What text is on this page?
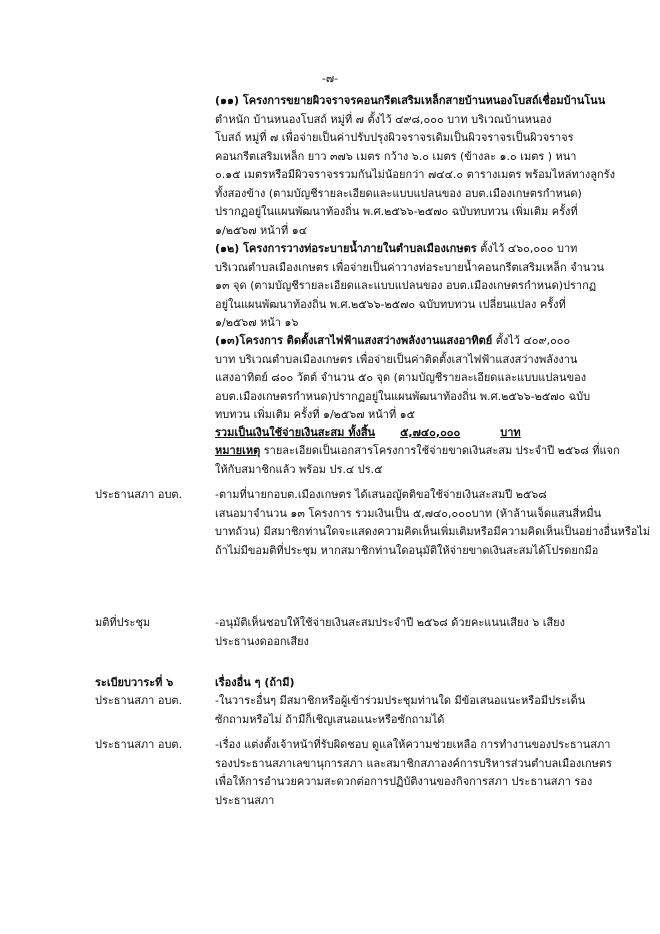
-๗-
(๑๑) โครงการขยายผิวจราจรคอนกรีตเสริมเหล็กสายบ้านหนองโบสถ์เชื่อมบ้านโนน
ตำหนัก บ้านหนองโบสถ์ หมู่ที่ ๗ ตั้งไว้ ๔๙๘,๐๐๐ บาท บริเวณบ้านหนอง
โบสถ์ หมู่ที่ ๗ เพื่อจ่ายเป็นค่าปรับปรุงผิวจราจรเดิมเป็นผิวจราจรเป็นผิวจราจร
คอนกรีตเสริมเหล็ก ยาว ๓๗๖ เมตร กว้าง ๖.๐ เมตร (ข้างละ ๑.๐ เมตร ) หนา
๐.๑๕ เมตรหรือมีผิวจราจรรวมกันไม่น้อยกว่า ๗๔๔.๐ ตารางเมตร พร้อมไหล่ทางลูกรัง
ทั้งสองข้าง (ตามบัญชีรายละเอียดและแบบแปลนของ อบต.เมืองเกษตรกำหนด)
ปรากฏอยู่ในแผนพัฒนาท้องถิ่น พ.ศ.๒๕๖๖-๒๕๗๐ ฉบับทบทวน เพิ่มเติม ครั้งที่
๑/๒๕๖๗ หน้าที่ ๑๔
(๑๒) โครงการวางท่อระบายน้ำภายในตำบลเมืองเกษตร ตั้งไว้ ๔๖๐,๐๐๐ บาท
บริเวณตำบลเมืองเกษตร เพื่อจ่ายเป็นค่าวางท่อระบายน้ำคอนกรีตเสริมเหล็ก จำนวน
๑๓ จุด (ตามบัญชีรายละเอียดและแบบแปลนของ อบต.เมืองเกษตรกำหนด)ปรากฏ
อยู่ในแผนพัฒนาท้องถิ่น พ.ศ.๒๕๖๖-๒๕๗๐ ฉบับทบทวน เปลี่ยนแปลง ครั้งที่
๑/๒๕๖๗ หน้า ๑๖
(๑๓)โครงการ ติดตั้งเสาไฟฟ้าแสงสว่างพลังงานแสงอาทิตย์ ตั้งไว้ ๔๐๙,๐๐๐
บาท บริเวณตำบลเมืองเกษตร เพื่อจ่ายเป็นค่าติดตั้งเสาไฟฟ้าแสงสว่างพลังงาน
แสงอาทิตย์ ๘๐๐ วัตต์ จำนวน ๕๐ จุด (ตามบัญชีรายละเอียดและแบบแปลนของ
อบต.เมืองเกษตรกำหนด)ปรากฏอยู่ในแผนพัฒนาท้องถิ่น พ.ศ.๒๕๖๖-๒๕๗๐ ฉบับ
ทบทวน เพิ่มเติม ครั้งที่ ๑/๒๕๖๗ หน้าที่ ๑๕
รวมเป็นเงินใช้จ่ายเงินสะสม ทั้งสิ้น ๕,๗๔๐,๐๐๐	บาท
หมายเหตุ รายละเอียดเป็นเอกสารโครงการใช้จ่ายขาดเงินสะสม ประจำปี ๒๕๖๘ ที่แจก
ให้กับสมาชิกแล้ว พร้อม ปร.๔ ปร.๕
ประธานสภา อบต.	-ตามที่นายกอบต.เมืองเกษตร ได้เสนอญัตติขอใช้จ่ายเงินสะสมปี ๒๕๖๘
เสนอมาจำนวน ๑๓ โครงการ รวมเงินเป็น ๕,๗๔๐,๐๐๐บาท (ห้าล้านเจ็ดแสนสี่หมื่น
บาทถ้วน) มีสมาชิกท่านใดจะแสดงความคิดเห็นเพิ่มเติมหรือมีความคิดเห็นเป็นอย่างอื่นหรือไม่
ถ้าไม่มีขอมติที่ประชุม หากสมาชิกท่านใดอนุมัติให้จ่ายขาดเงินสะสมได้โปรดยกมือ
มติที่ประชุม	-อนุมัติเห็นชอบให้ใช้จ่ายเงินสะสมประจำปี ๒๕๖๘ ด้วยคะแนนเสียง ๖ เสียง
ประธานงดออกเสียง
ระเบียบวาระที่ ๖	เรื่องอื่น ๆ (ถ้ามี)
ประธานสภา อบต.	-ในวาระอื่นๆ มีสมาชิกหรือผู้เข้าร่วมประชุมท่านใด มีข้อเสนอแนะหรือมีประเด็น
ซักถามหรือไม่ ถ้ามีก็เชิญเสนอแนะหรือซักถามได้
ประธานสภา อบต.	-เรื่อง แต่งตั้งเจ้าหน้าที่รับผิดชอบ ดูแลให้ความช่วยเหลือ การทำงานของประธานสภา
รองประธานสภาเลขานุการสภา และสมาชิกสภาองค์การบริหารส่วนตำบลเมืองเกษตร
เพื่อให้การอำนวยความสะดวกต่อการปฏิบัติงานของกิจการสภา ประธานสภา รอง
ประธานสภา
